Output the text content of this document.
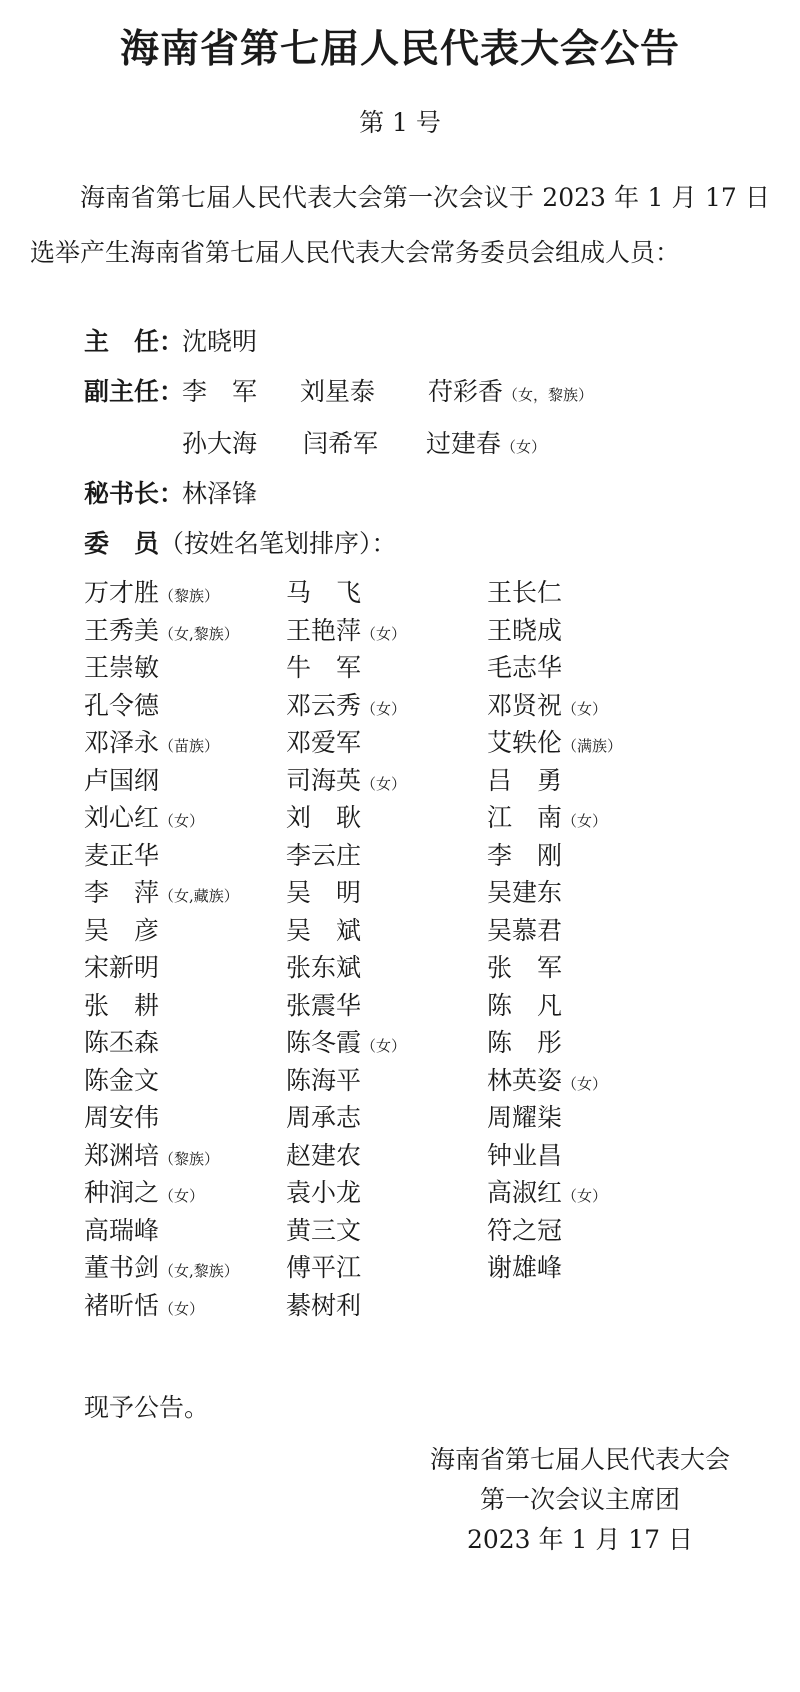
海南省第七届人民代表大会公告
第 1 号

海南省第七届人民代表大会第一次会议于 2023 年 1 月 17 日选举产生海南省第七届人民代表大会常务委员会组成人员：

主　任：
沈晓明
副主任：
李　军 刘星泰 苻彩香（女，黎族）
孙大海 闫希军 过建春（女）
秘书长：
林泽锋
委　员（按姓名笔划排序）：
万才胜（黎族）	马　飞	王长仁
王秀美（女,黎族） 王艳萍（女）	王晓成
王崇敏	牛　军	毛志华
孔令德	邓云秀（女）	邓贤祝（女）
邓泽永（苗族）	邓爱军	艾轶伦（满族）
卢国纲	司海英（女）	吕　勇
刘心红（女）	刘　耿	江　南（女）
麦正华	李云庄	李　刚
李　萍（女,藏族） 吴　明	吴建东
吴　彦	吴　斌	吴慕君
宋新明	张东斌	张　军
张　耕	张震华	陈　凡
陈丕森	陈冬霞（女）	陈　彤
陈金文	陈海平	林英姿（女）
周安伟	周承志	周耀柒
郑渊培（黎族）	赵建农	钟业昌
种润之（女）	袁小龙	高淑红（女）
高瑞峰	黄三文	符之冠
董书剑（女,黎族） 傅平江	谢雄峰
褚昕恬（女）	綦树利
现予公告。
海南省第七届人民代表大会
第一次会议主席团
2023 年 1 月 17 日
